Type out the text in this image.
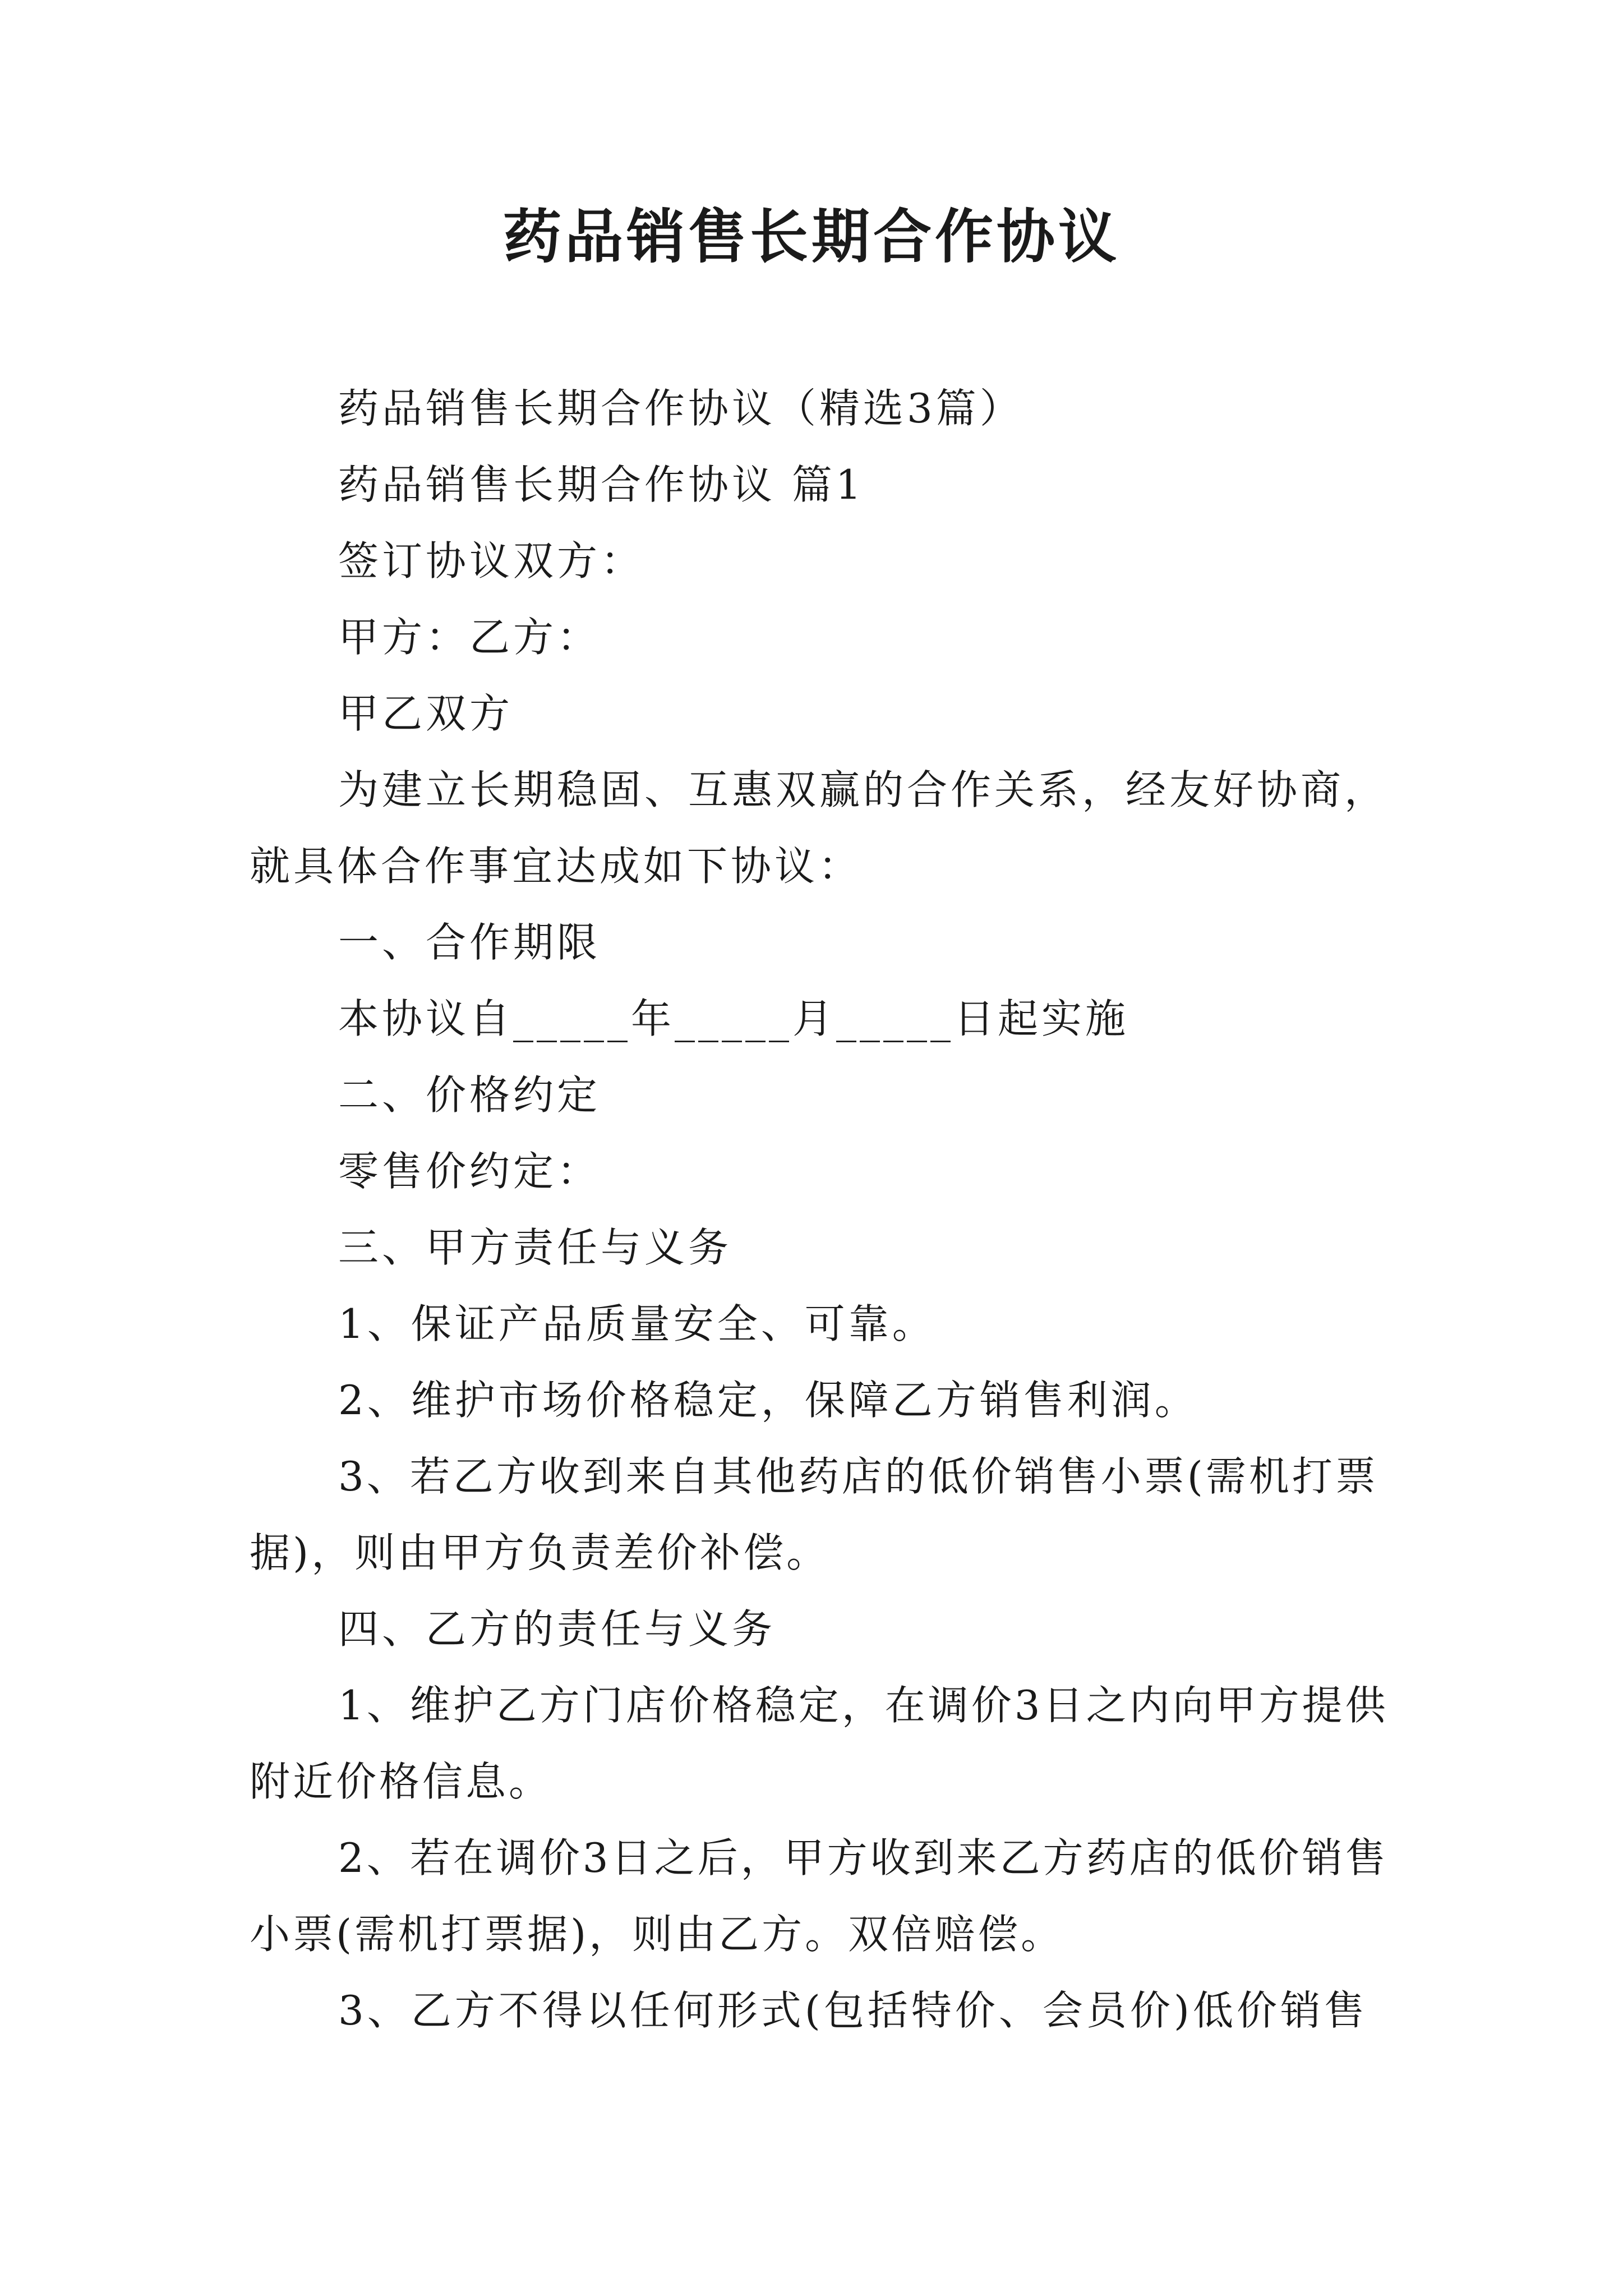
药品销售长期合作协议

药品销售长期合作协议（精选3篇）

药品销售长期合作协议 篇1

签订协议双方：

甲方：乙方：

甲乙双方

为建立长期稳固、互惠双赢的合作关系，经友好协商，就具体合作事宜达成如下协议：

一、合作期限

本协议自_____年_____月_____日起实施

二、价格约定

零售价约定：

三、甲方责任与义务

1、保证产品质量安全、可靠。

2、维护市场价格稳定，保障乙方销售利润。

3、若乙方收到来自其他药店的低价销售小票(需机打票据)，则由甲方负责差价补偿。

四、乙方的责任与义务

1、维护乙方门店价格稳定，在调价3日之内向甲方提供附近价格信息。

2、若在调价3日之后，甲方收到来乙方药店的低价销售小票(需机打票据)，则由乙方。双倍赔偿。

3、乙方不得以任何形式(包括特价、会员价)低价销售
